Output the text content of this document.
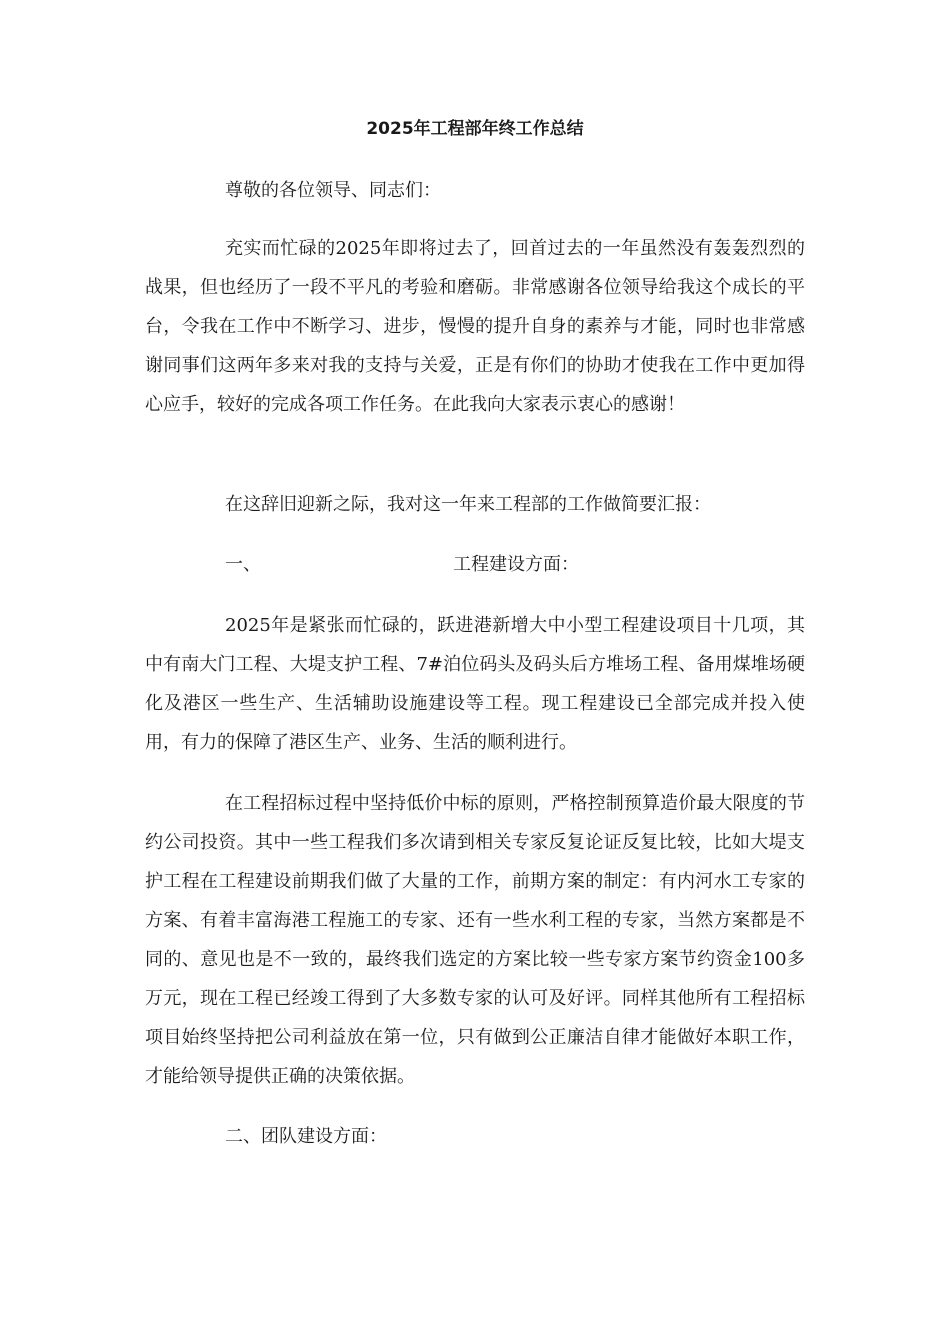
2025年工程部年终工作总结

尊敬的各位领导、同志们：

充实而忙碌的2025年即将过去了，回首过去的一年虽然没有轰轰烈烈的战果，但也经历了一段不平凡的考验和磨砺。非常感谢各位领导给我这个成长的平台，令我在工作中不断学习、进步，慢慢的提升自身的素养与才能，同时也非常感谢同事们这两年多来对我的支持与关爱，正是有你们的协助才使我在工作中更加得心应手，较好的完成各项工作任务。在此我向大家表示衷心的感谢！

在这辞旧迎新之际，我对这一年来工程部的工作做简要汇报：

一、	工程建设方面：

2025年是紧张而忙碌的，跃进港新增大中小型工程建设项目十几项，其中有南大门工程、大堤支护工程、7#泊位码头及码头后方堆场工程、备用煤堆场硬化及港区一些生产、生活辅助设施建设等工程。现工程建设已全部完成并投入使用，有力的保障了港区生产、业务、生活的顺利进行。

在工程招标过程中坚持低价中标的原则，严格控制预算造价最大限度的节约公司投资。其中一些工程我们多次请到相关专家反复论证反复比较，比如大堤支护工程在工程建设前期我们做了大量的工作，前期方案的制定：有内河水工专家的方案、有着丰富海港工程施工的专家、还有一些水利工程的专家，当然方案都是不同的、意见也是不一致的，最终我们选定的方案比较一些专家方案节约资金100多万元，现在工程已经竣工得到了大多数专家的认可及好评。同样其他所有工程招标项目始终坚持把公司利益放在第一位，只有做到公正廉洁自律才能做好本职工作，才能给领导提供正确的决策依据。

二、团队建设方面：
